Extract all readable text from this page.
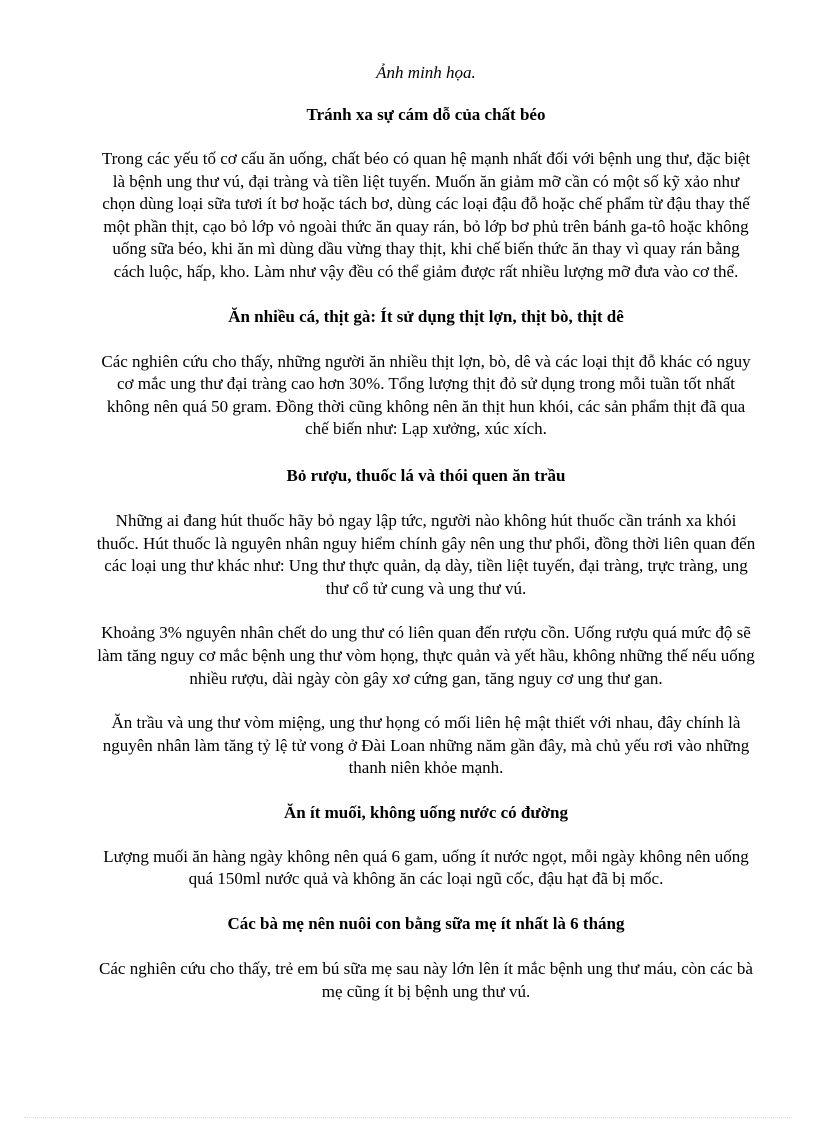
Ảnh minh họa.
Tránh xa sự cám dỗ của chất béo

Trong các yếu tố cơ cấu ăn uống, chất béo có quan hệ mạnh nhất đối với bệnh ung thư, đặc biệt là bệnh ung thư vú, đại tràng và tiền liệt tuyến. Muốn ăn giảm mỡ cần có một số kỹ xảo như chọn dùng loại sữa tươi ít bơ hoặc tách bơ, dùng các loại đậu đỗ hoặc chế phẩm từ đậu thay thế một phần thịt, cạo bỏ lớp vỏ ngoài thức ăn quay rán, bỏ lớp bơ phủ trên bánh ga-tô hoặc không uống sữa béo, khi ăn mì dùng dầu vừng thay thịt, khi chế biến thức ăn thay vì quay rán bằng cách luộc, hấp, kho. Làm như vậy đều có thể giảm được rất nhiều lượng mỡ đưa vào cơ thể.

Ăn nhiều cá, thịt gà: Ít sử dụng thịt lợn, thịt bò, thịt dê

Các nghiên cứu cho thấy, những người ăn nhiều thịt lợn, bò, dê và các loại thịt đỗ khác có nguy cơ mắc ung thư đại tràng cao hơn 30%. Tổng lượng thịt đỏ sử dụng trong mỗi tuần tốt nhất không nên quá 50 gram. Đồng thời cũng không nên ăn thịt hun khói, các sản phẩm thịt đã qua chế biến như: Lạp xưởng, xúc xích.

Bỏ rượu, thuốc lá và thói quen ăn trầu

Những ai đang hút thuốc hãy bỏ ngay lập tức, người nào không hút thuốc cần tránh xa khói thuốc. Hút thuốc là nguyên nhân nguy hiểm chính gây nên ung thư phổi, đồng thời liên quan đến các loại ung thư khác như: Ung thư thực quản, dạ dày, tiền liệt tuyến, đại tràng, trực tràng, ung thư cổ tử cung và ung thư vú.

Khoảng 3% nguyên nhân chết do ung thư có liên quan đến rượu cồn. Uống rượu quá mức độ sẽ làm tăng nguy cơ mắc bệnh ung thư vòm họng, thực quản và yết hầu, không những thế nếu uống nhiều rượu, dài ngày còn gây xơ cứng gan, tăng nguy cơ ung thư gan.

Ăn trầu và ung thư vòm miệng, ung thư họng có mối liên hệ mật thiết với nhau, đây chính là nguyên nhân làm tăng tỷ lệ tử vong ở Đài Loan những năm gần đây, mà chủ yếu rơi vào những thanh niên khỏe mạnh.

Ăn ít muối, không uống nước có đường

Lượng muối ăn hàng ngày không nên quá 6 gam, uống ít nước ngọt, mỗi ngày không nên uống quá 150ml nước quả và không ăn các loại ngũ cốc, đậu hạt đã bị mốc.

Các bà mẹ nên nuôi con bằng sữa mẹ ít nhất là 6 tháng

Các nghiên cứu cho thấy, trẻ em bú sữa mẹ sau này lớn lên ít mắc bệnh ung thư máu, còn các bà mẹ cũng ít bị bệnh ung thư vú.
